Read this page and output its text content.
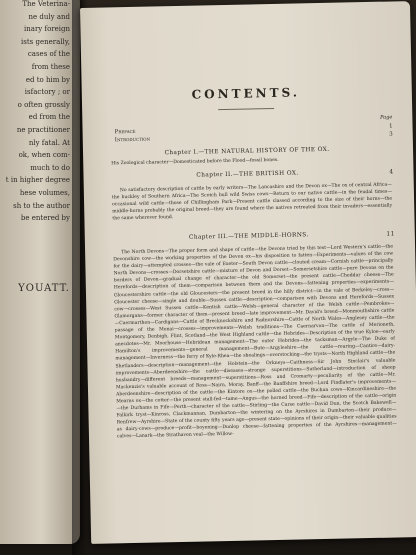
The Veterina-
ne duly and
inary foreign
ists generally,
cases of the
from these
ed to him by
isfactory ; or
o often grossly
ed from the
ne practitioner
nly fatal. At
ok, when com-
much to do
t in higher degree
hese volumes,
sh to the author
be entered by
YOUATT.
CONTENTS.
Page
Preface
1
Introduction
3
Chapter I.—THE NATURAL HISTORY OF THE OX.
His Zoological character—Domesticated before the Flood—fossil bones.
Chapter II.—THE BRITISH OX.	4
No satisfactory description of cattle by early writers—The Lancashire and the Devon ox—The ox of central Africa—the buckley of Southern Africa—The Scotch bull wild Swiss cows—Return to our native cattle—in the feudal times—occasional wild cattle—those of Chillingham Park—Present cattle classed according to the size of their horns—the middle-horns probably the original breed—they are found where the natives retreated from their invaders—essentially the same wherever found.
Chapter III.—THE MIDDLE-HORNS.	11
The North Devons—The proper form and shape of cattle—the Devons tried by this test—Lord Western's cattle—the Devonshire cow—the working properties of the Devon ox—his disposition to fatten—Experiments—values of the cow for the dairy—attempted crosses—the vale of Exeter—South Devon cattle—clouted cream—Cornish cattle—principally North Devons—crosses—Dorsetshire cattle—mixture of Devon and Dorset—Somersetshire cattle—pure Devons on the borders of Devon—gradual change of character—the old Somerset—the present cattle—Cheddar cheese—The Herefords—description of them—comparison between them and the Devons—fattening properties—experiments—Gloucestershire cattle—the old Gloucesters—the present breed in the hilly district—in the vale of Berkeley—cross—Gloucester cheese—single and double—Sussex cattle—description—comparison with Devons and Herefords—Sussex cow—crosses—West Sussex cattle—Kentish cattle—Welsh—general character of the Welsh cattle—Pembrokes—Glamorgans—former character of them—present breed—late improvement—Mr. David's breed—Monmouthshire cattle—Caermarthen—Cardigans—Cattle of Brecknockshire and Radnorshire—Cattle of North Wales—Anglesey cattle—the passage of the Menai—crosses—improvements—Welsh traditions—The Caernarvon—The cattle of Merioneth, Montgomery, Denbigh, Flint, Scotland—the West Highland cattle—the Hebrides—Description of the true Kyloe—early anecdotes—Mr. Moorhouse—Hebridean management—The outer Hebrides—the tacksman—Argyle—The Duke of Hamilton's improvements—general management—Bute—Argyleshire—the cattle—rearing—Cantire—dairy-management—Inverness—the ferry of Kyle-Rhea—the shealings—overstocking—the trysts—North Highland cattle—the Shetlanders—description—management—the Holstein—the Orkneys—Caithness—Sir John Sinclair's valuable improvements—Aberdeenshire—the cattle—diseases—strange superstitions—Sutherland—introduction of sheep husbandry—different breeds—management—superstitions—Ross and Cromarty—peculiarity of the cattle—Mr. Mackenzie's valuable account of Ross—Nairn, Moray, Banff—the Banffshire breed—Lord Findlater's improvements—Aberdeenshire—description of the cattle—the Kintore ox—the polled cattle—the Buchan cows—Kincardineshire—the Mearns ox—the cotter—the present stall-fed—tame—Angus—the horned breed—Fife—description of the cattle—origin—the Durhams in Fife—Perth—character of the cattle—Stirling—the Carse cattle—David Dun, the Scotch Bakewell—Falkirk tryst—Kinross, Clackmannan, Dumbarton—the wintering on the Ayrshires in Dumbarton—their produce—Renfrew—Ayrshire—State of the county fifty years ago—present state—opinions of their origin—their valuable qualities as dairy-cows—produce—profit—boyening—Dunlop cheese—fattening properties of the Ayrshires—management—calves—Lanark—the Strathaven veal—the Willow-
